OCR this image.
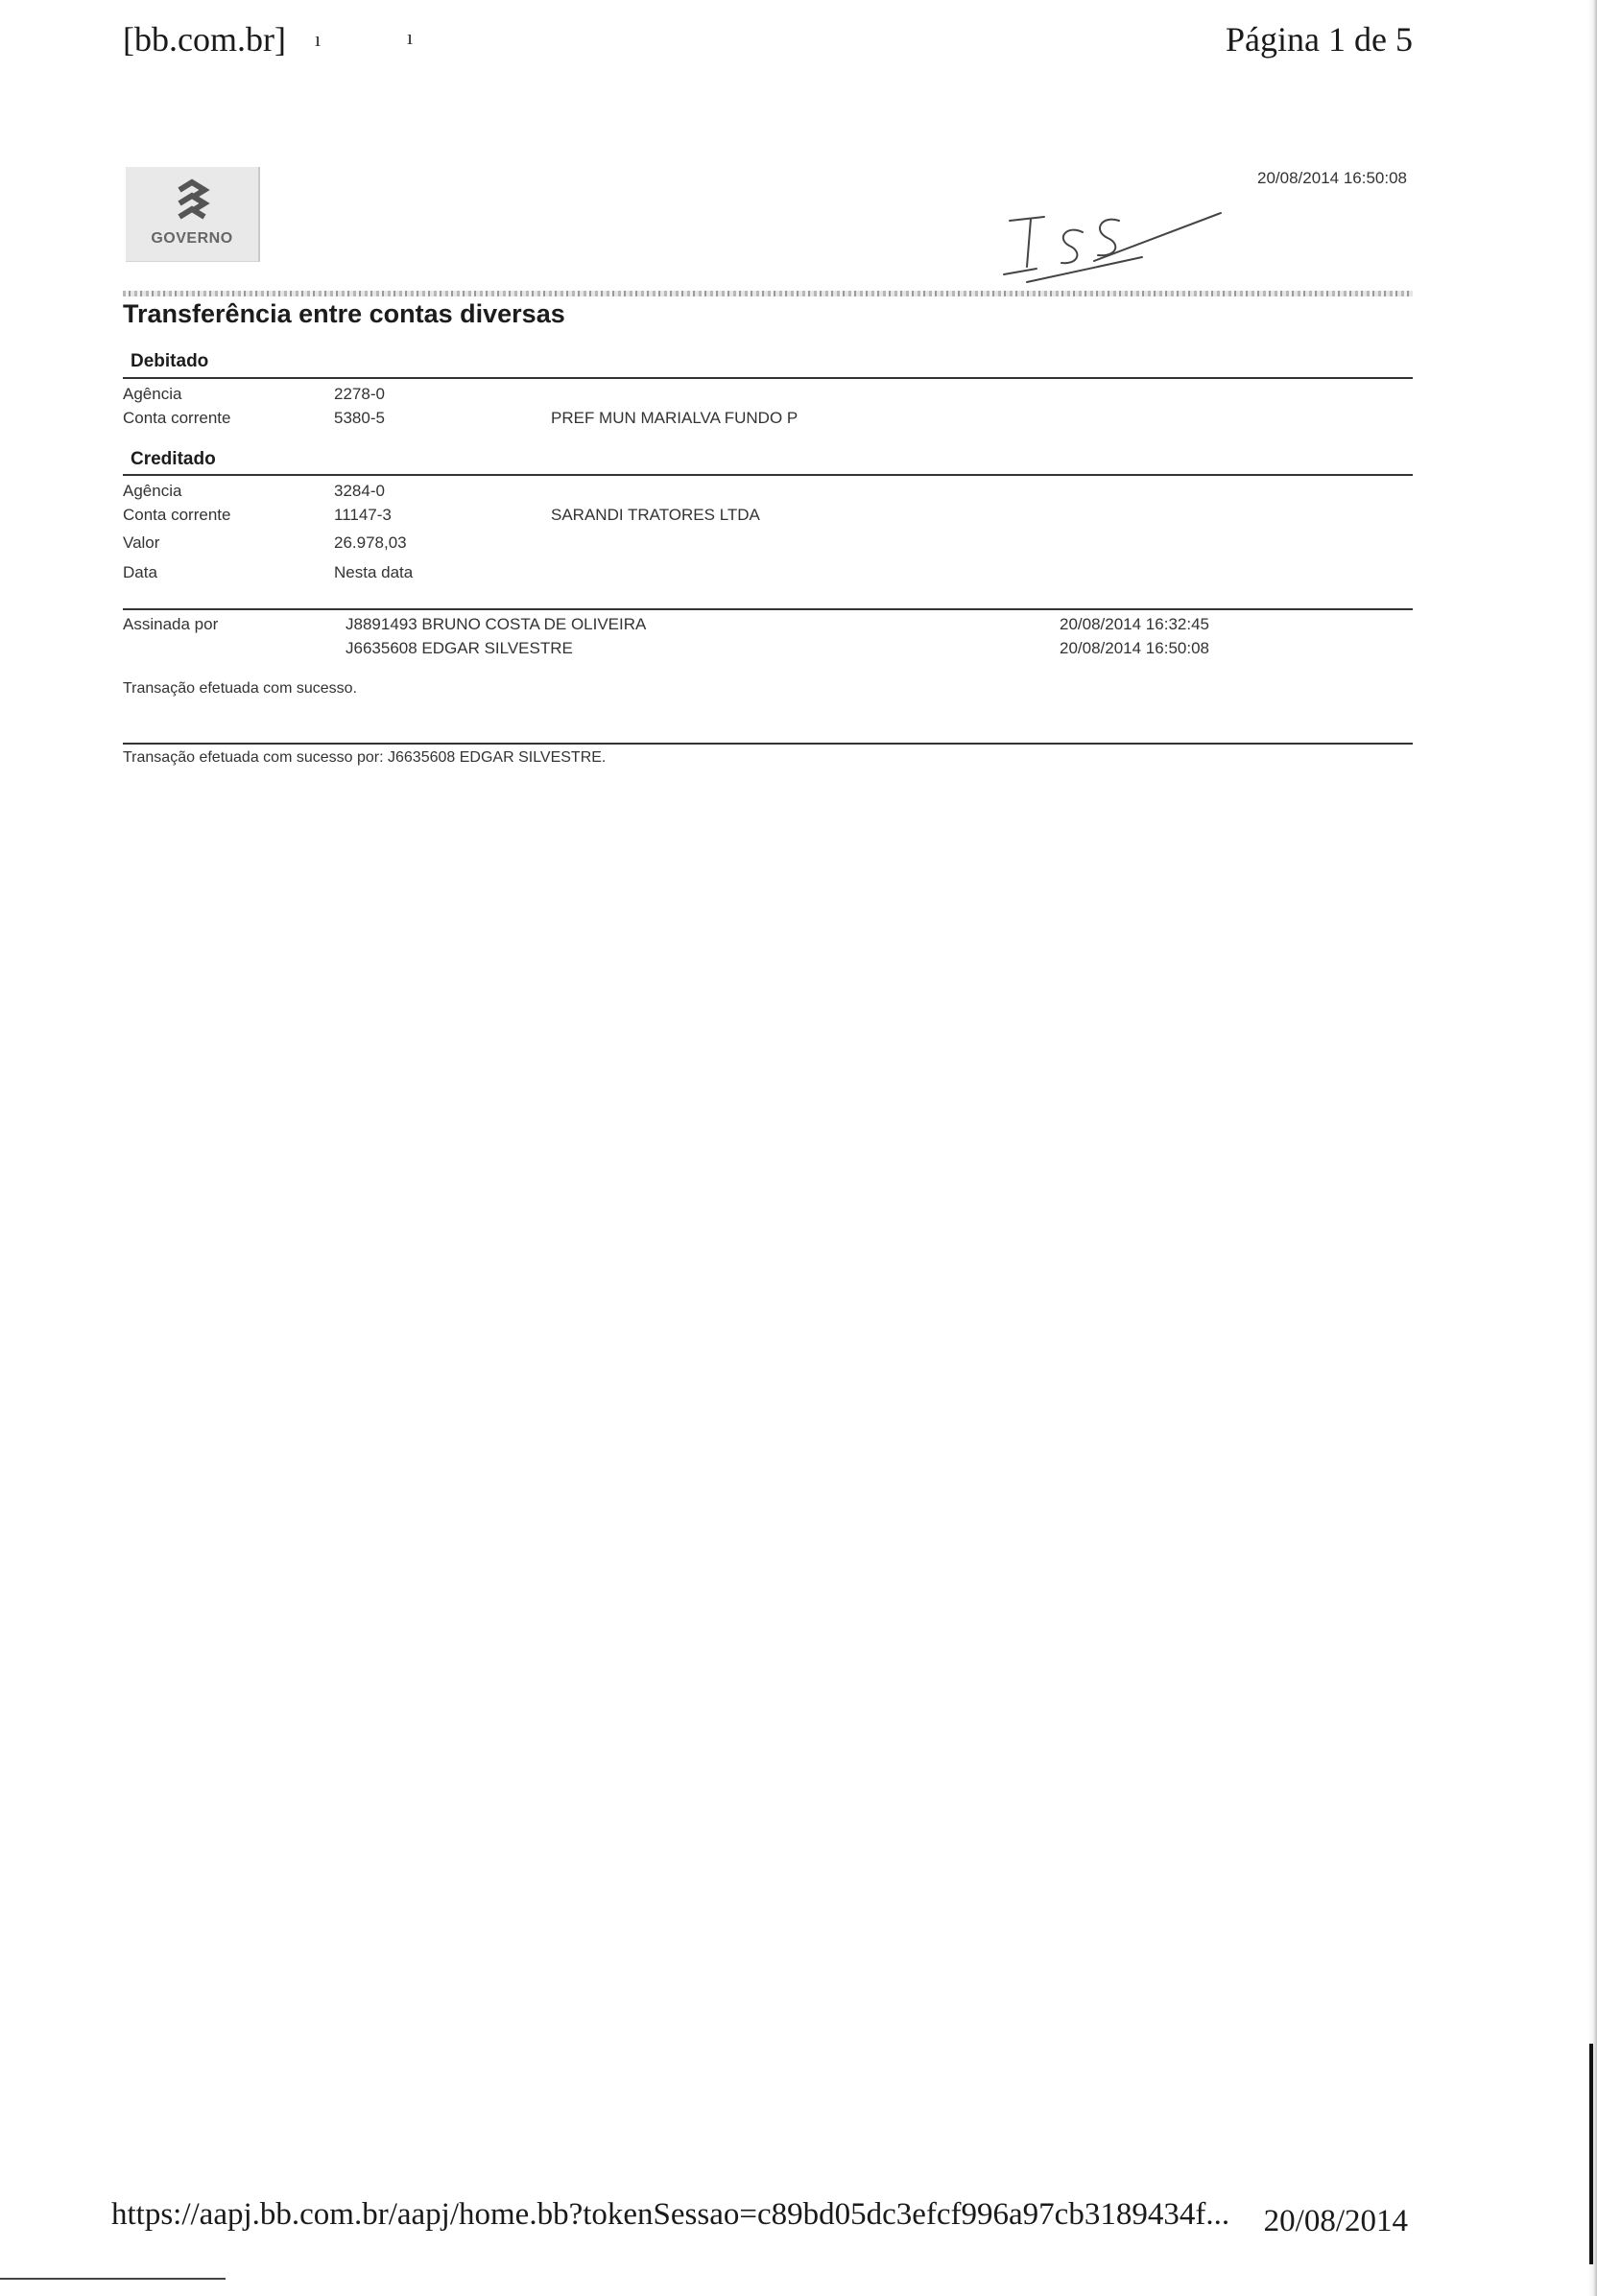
[bb.com.br] ı	ı	Página 1 de 5
GOVERNO
20/08/2014 16:50:08
Transferência entre contas diversas
Debitado
Agência	2278-0
Conta corrente	5380-5	PREF MUN MARIALVA FUNDO P
Creditado
Agência	3284-0
Conta corrente	11147-3	SARANDI TRATORES LTDA
Valor	26.978,03
Data	Nesta data
Assinada por	J8891493 BRUNO COSTA DE OLIVEIRA	20/08/2014 16:32:45
J6635608 EDGAR SILVESTRE	20/08/2014 16:50:08
Transação efetuada com sucesso.
Transação efetuada com sucesso por: J6635608 EDGAR SILVESTRE.
https://aapj.bb.com.br/aapj/home.bb?tokenSessao=c89bd05dc3efcf996a97cb3189434f... 20/08/2014
